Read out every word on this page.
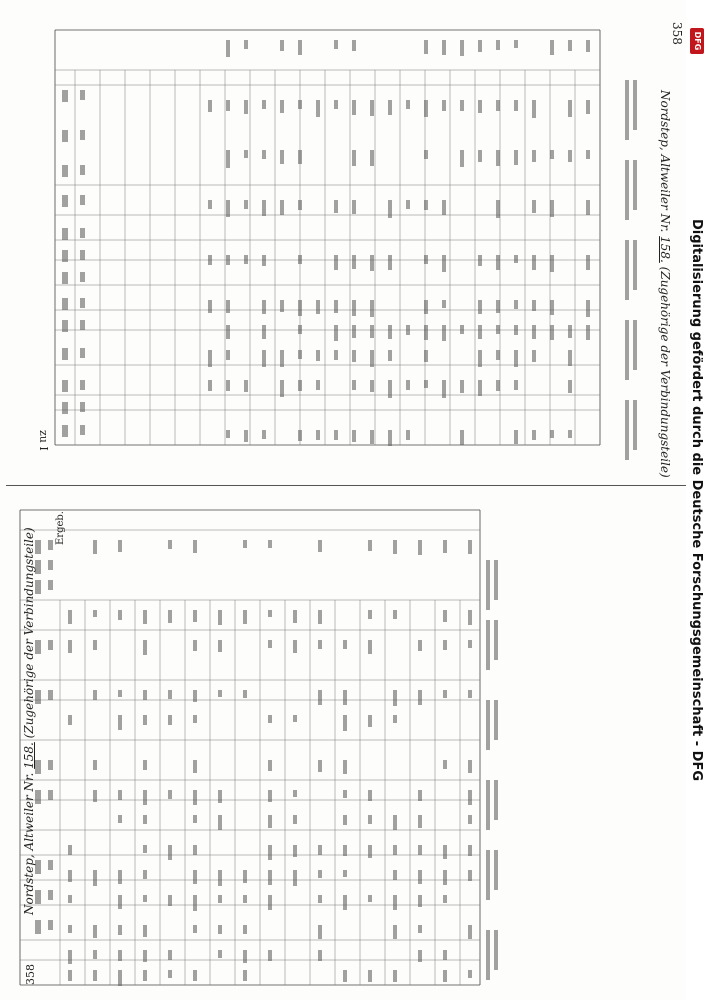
358
Nordstep, Altweiler Nr. 158. (Zugehörige der Verbindungsteile)
zu I
358
Nordstep, Altweiler Nr. 158. (Zugehörige der Verbindungsteile) Ergeb.	Digitalisierung gefördert durch die Deutsche Forschungsgemeinschaft - DFG
DFG
